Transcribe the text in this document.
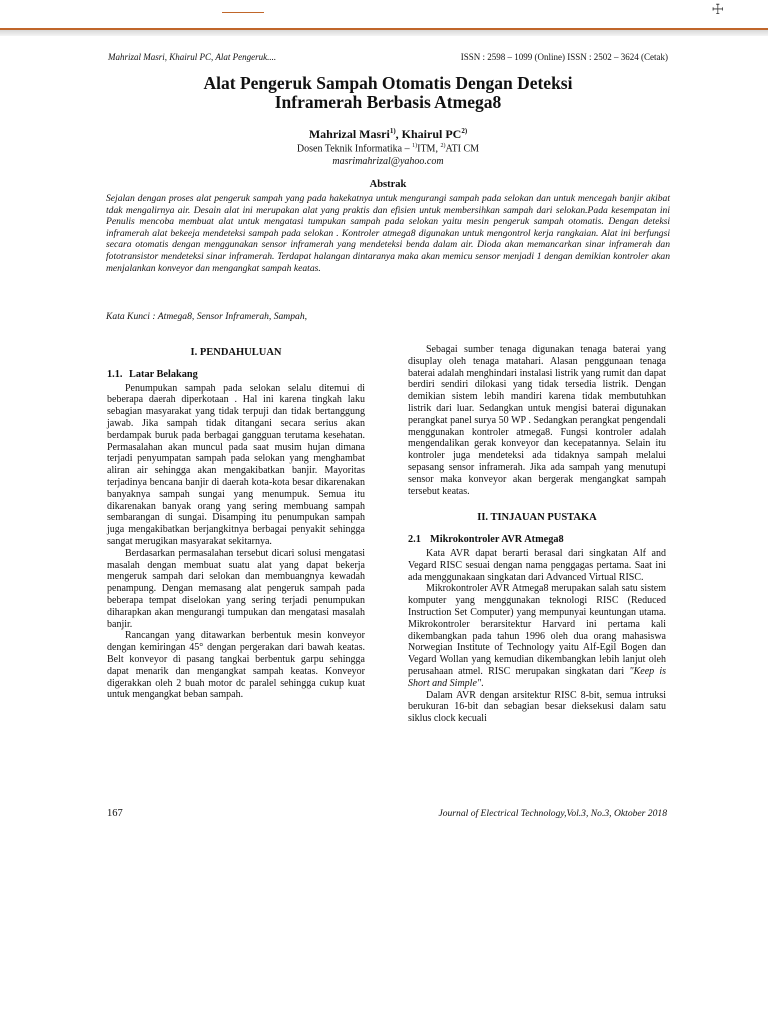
☩
Mahrizal Masri, Khairul PC, Alat Pengeruk....	ISSN : 2598 – 1099 (Online) ISSN : 2502 – 3624 (Cetak)
Alat Pengeruk Sampah Otomatis Dengan Deteksi
Inframerah Berbasis Atmega8
Mahrizal Masri$^{1)}$, Khairul PC$^{2)}$
Dosen Teknik Informatika – $^{1)}$ITM, $^{2)}$ATI CM
masrimahrizal@yahoo.com
Abstrak
Sejalan dengan proses alat pengeruk sampah yang pada hakekatnya untuk mengurangi sampah pada selokan dan untuk mencegah banjir akibat tdak mengalirnya air. Desain alat ini merupakan alat yang praktis dan efisien untuk membersihkan sampah dari selokan.Pada kesempatan ini Penulis mencoba membuat alat untuk mengatasi tumpukan sampah pada selokan yaitu mesin pengeruk sampah otomatis. Dengan deteksi inframerah alat bekeeja mendeteksi sampah pada selokan . Kontroler atmega8 digunakan untuk mengontrol kerja rangkaian. Alat ini berfungsi secara otomatis dengan menggunakan sensor inframerah yang mendeteksi benda dalam air. Dioda akan memancarkan sinar inframerah dan fototransistor mendeteksi sinar inframerah. Terdapat halangan dintaranya maka akan memicu sensor menjadi 1 dengan demikian kontroler akan menjalankan konveyor dan mengangkat sampah keatas.
Kata Kunci : Atmega8, Sensor Inframerah, Sampah,
I. PENDAHULUAN
1.1. Latar Belakang

Penumpukan sampah pada selokan selalu ditemui di beberapa daerah diperkotaan . Hal ini karena tingkah laku sebagian masyarakat yang tidak terpuji dan tidak bertanggung jawab. Jika sampah tidak ditangani secara serius akan berdampak buruk pada berbagai gangguan terutama kesehatan. Permasalahan akan muncul pada saat musim hujan dimana terjadi penyumpatan sampah pada selokan yang menghambat aliran air sehingga akan mengakibatkan banjir. Mayoritas terjadinya bencana banjir di daerah kota-kota besar dikarenakan banyaknya sampah sungai yang menumpuk. Semua itu dikarenakan banyak orang yang sering membuang sampah sembarangan di sungai. Disamping itu penumpukan sampah juga mengakibatkan berjangkitnya berbagai penyakit sehingga sangat merugikan masyarakat sekitarnya.

Berdasarkan permasalahan tersebut dicari solusi mengatasi masalah dengan membuat suatu alat yang dapat bekerja mengeruk sampah dari selokan dan membuangnya kewadah penampung. Dengan memasang alat pengeruk sampah pada beberapa tempat diselokan yang sering terjadi penumpukan diharapkan akan mengurangi tumpukan dan mengatasi masalah banjir.

Rancangan yang ditawarkan berbentuk mesin konveyor dengan kemiringan 45° dengan pergerakan dari bawah keatas. Belt konveyor di pasang tangkai berbentuk garpu sehingga dapat menarik dan mengangkat sampah keatas. Konveyor digerakkan oleh 2 buah motor dc paralel sehingga cukup kuat untuk mengangkat beban sampah.

Sebagai sumber tenaga digunakan tenaga baterai yang disuplay oleh tenaga matahari. Alasan penggunaan tenaga baterai adalah menghindari instalasi listrik yang rumit dan dapat berdiri sendiri dilokasi yang tidak tersedia listrik. Dengan demikian sistem lebih mandiri karena tidak membutuhkan listrik dari luar. Sedangkan untuk mengisi baterai digunakan perangkat panel surya 50 WP . Sedangkan perangkat pengendali menggunakan kontroler atmega8. Fungsi kontroler adalah mengendalikan gerak konveyor dan kecepatannya. Selain itu kontroler juga mendeteksi ada tidaknya sampah melalui sepasang sensor inframerah. Jika ada sampah yang menutupi sensor maka konveyor akan bergerak mengangkat sampah tersebut keatas.

II. TINJAUAN PUSTAKA
2.1 Mikrokontroler AVR Atmega8

Kata AVR dapat berarti berasal dari singkatan Alf and Vegard RISC sesuai dengan nama penggagas pertama. Saat ini ada menggunakaan singkatan dari Advanced Virtual RISC.

Mikrokontroler AVR Atmega8 merupakan salah satu sistem komputer yang menggunakan teknologi RISC (Reduced Instruction Set Computer) yang mempunyai keuntungan utama. Mikrokontroler berarsitektur Harvard ini pertama kali dikembangkan pada tahun 1996 oleh dua orang mahasiswa Norwegian Institute of Technology yaitu Alf-Egil Bogen dan Vegard Wollan yang kemudian dikembangkan lebih lanjut oleh perusahaan atmel. RISC merupakan singkatan dari "Keep is Short and Simple".

Dalam AVR dengan arsitektur RISC 8-bit, semua intruksi berukuran 16-bit dan sebagian besar dieksekusi dalam satu siklus clock kecuali

167	Journal of Electrical Technology,Vol.3, No.3, Oktober 2018
